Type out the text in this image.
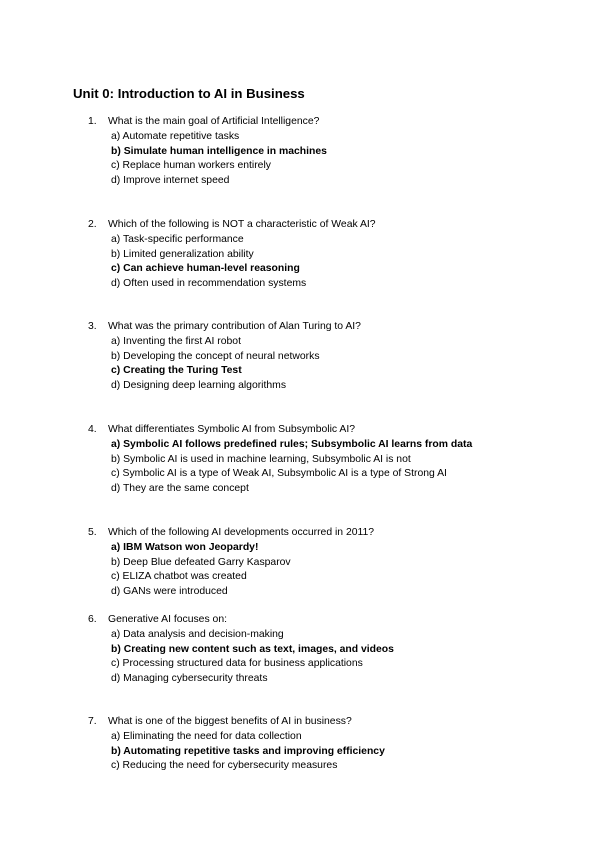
Unit 0: Introduction to AI in Business
1.	What is the main goal of Artificial Intelligence?
a) Automate repetitive tasks
b) Simulate human intelligence in machines
c) Replace human workers entirely
d) Improve internet speed
2.	Which of the following is NOT a characteristic of Weak AI?
a) Task-specific performance
b) Limited generalization ability
c) Can achieve human-level reasoning
d) Often used in recommendation systems
3.	What was the primary contribution of Alan Turing to AI?
a) Inventing the first AI robot
b) Developing the concept of neural networks
c) Creating the Turing Test
d) Designing deep learning algorithms
4.	What differentiates Symbolic AI from Subsymbolic AI?
a) Symbolic AI follows predefined rules; Subsymbolic AI learns from data
b) Symbolic AI is used in machine learning, Subsymbolic AI is not
c) Symbolic AI is a type of Weak AI, Subsymbolic AI is a type of Strong AI
d) They are the same concept
5.	Which of the following AI developments occurred in 2011?
a) IBM Watson won Jeopardy!
b) Deep Blue defeated Garry Kasparov
c) ELIZA chatbot was created
d) GANs were introduced
6.	Generative AI focuses on:
a) Data analysis and decision-making
b) Creating new content such as text, images, and videos
c) Processing structured data for business applications
d) Managing cybersecurity threats
7.	What is one of the biggest benefits of AI in business?
a) Eliminating the need for data collection
b) Automating repetitive tasks and improving efficiency
c) Reducing the need for cybersecurity measures
